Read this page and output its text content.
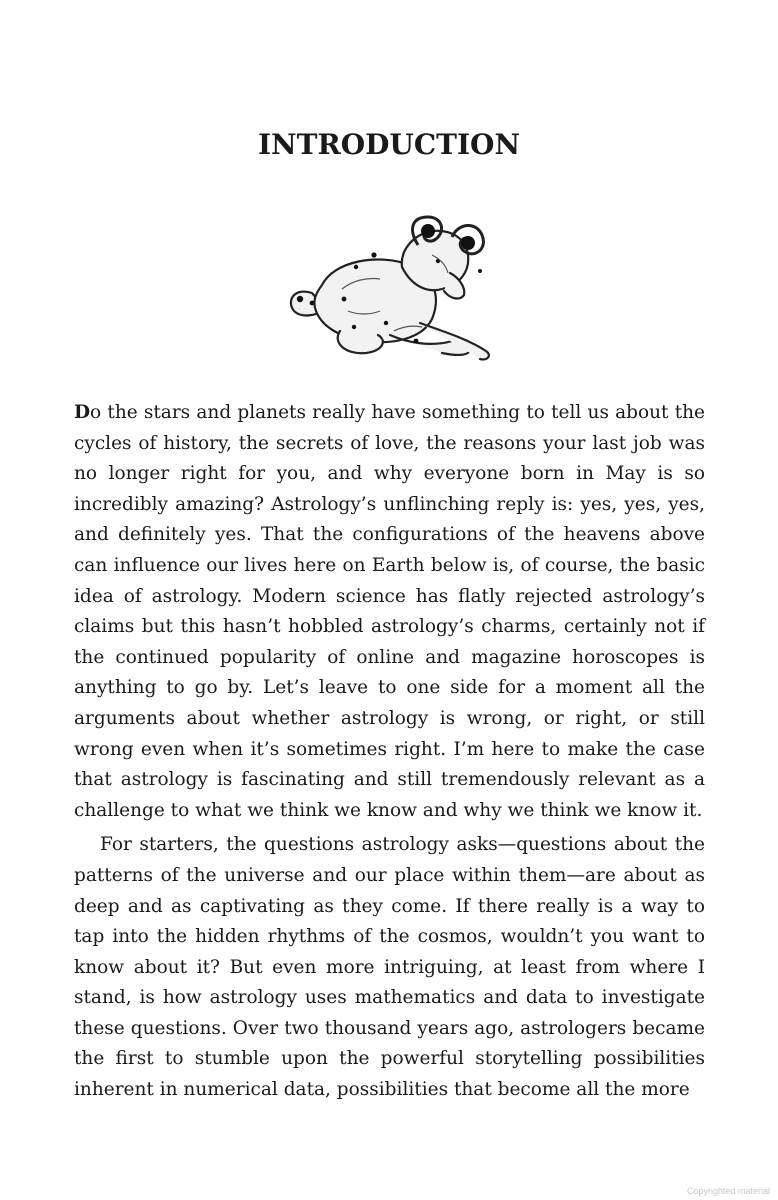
INTRODUCTION

Do the stars and planets really have something to tell us about the cycles of history, the secrets of love, the reasons your last job was no longer right for you, and why everyone born in May is so incredibly amazing? Astrology’s unflinching reply is: yes, yes, yes, and definitely yes. That the configurations of the heavens above can influence our lives here on Earth below is, of course, the basic idea of astrology. Modern science has flatly rejected astrology’s claims but this hasn’t hobbled astrology’s charms, certainly not if the continued popularity of online and magazine horoscopes is anything to go by. Let’s leave to one side for a moment all the arguments about whether astrology is wrong, or right, or still wrong even when it’s sometimes right. I’m here to make the case that astrology is fascinating and still tremendously relevant as a challenge to what we think we know and why we think we know it.

For starters, the questions astrology asks—questions about the patterns of the universe and our place within them—are about as deep and as captivating as they come. If there really is a way to tap into the hidden rhythms of the cosmos, wouldn’t you want to know about it? But even more intriguing, at least from where I stand, is how astrology uses mathematics and data to investigate these questions. Over two thousand years ago, astrologers became the first to stumble upon the powerful storytelling possibilities inherent in numerical data, possibilities that become all the more

Copyrighted material
